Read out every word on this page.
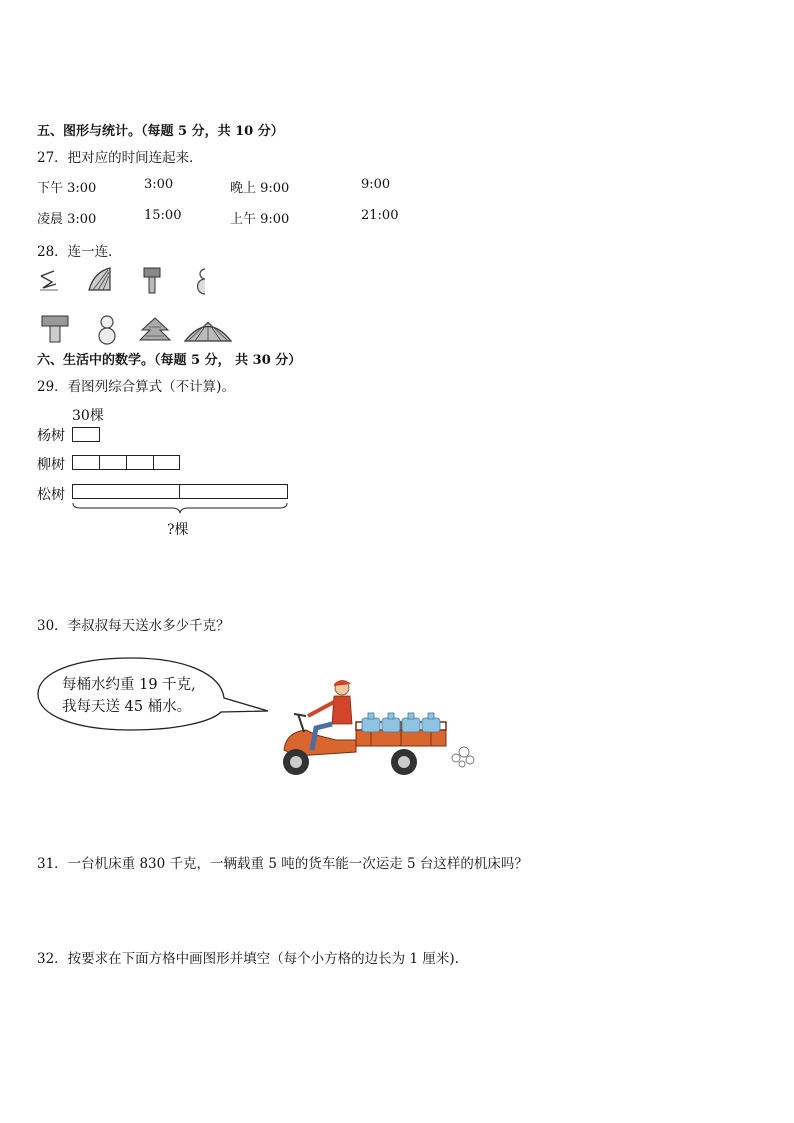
五、图形与统计。（每题 5 分，共 10 分）
27．把对应的时间连起来．
下午 3:00	3:00	晚上 9:00	9:00
凌晨 3:00	15:00	上午 9:00	21:00
28．连一连．
六、生活中的数学。（每题 5 分， 共 30 分）
29．看图列综合算式（不计算)。
30棵
杨树
柳树
松树
?棵
30．李叔叔每天送水多少千克？
每桶水约重 19 千克,
我每天送 45 桶水。
31．一台机床重 830 千克，一辆载重 5 吨的货车能一次运走 5 台这样的机床吗？
32．按要求在下面方格中画图形并填空（每个小方格的边长为 1 厘米).
